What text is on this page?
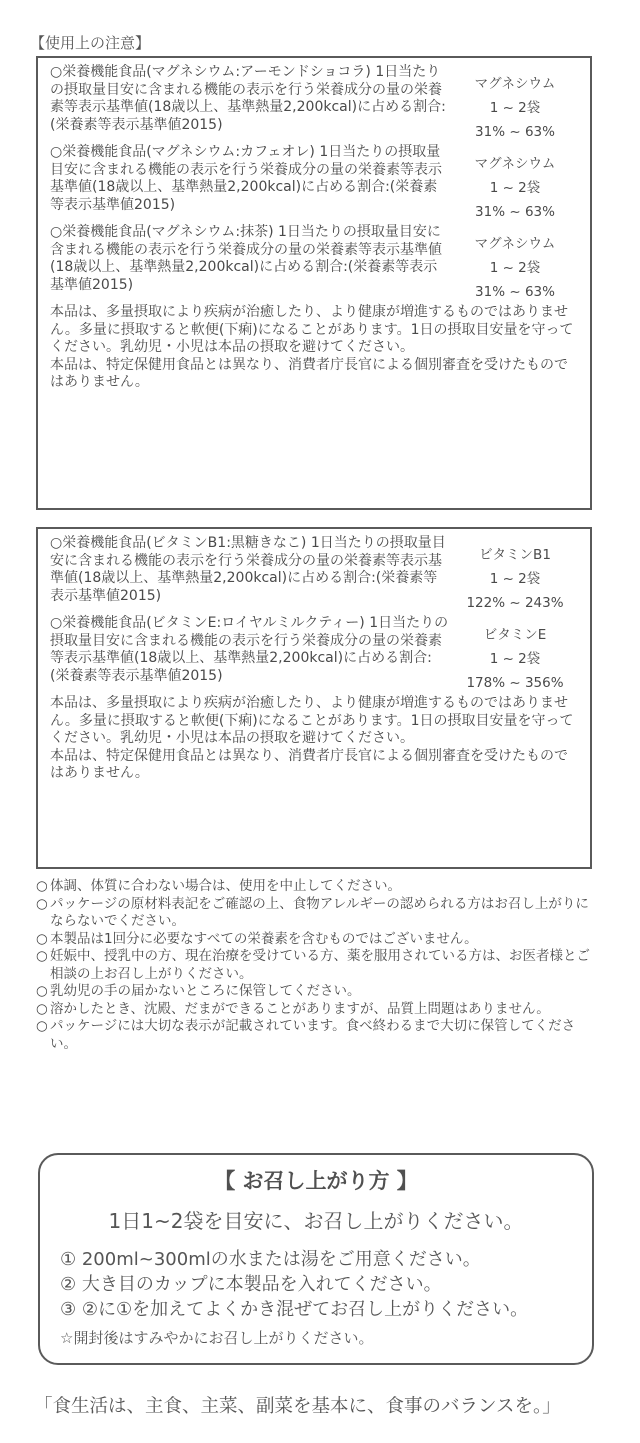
【使用上の注意】
○栄養機能食品(マグネシウム:アーモンドショコラ) 1日当たりの摂取量目安に含まれる機能の表示を行う栄養成分の量の栄養素等表示基準値(18歳以上、基準熱量2,200kcal)に占める割合:(栄養素等表示基準値2015)
マグネシウム
1 ~ 2袋
31% ~ 63%
○栄養機能食品(マグネシウム:カフェオレ) 1日当たりの摂取量目安に含まれる機能の表示を行う栄養成分の量の栄養素等表示基準値(18歳以上、基準熱量2,200kcal)に占める割合:(栄養素等表示基準値2015)
マグネシウム
1 ~ 2袋
31% ~ 63%
○栄養機能食品(マグネシウム:抹茶) 1日当たりの摂取量目安に含まれる機能の表示を行う栄養成分の量の栄養素等表示基準値(18歳以上、基準熱量2,200kcal)に占める割合:(栄養素等表示基準値2015)
マグネシウム
1 ~ 2袋
31% ~ 63%
本品は、多量摂取により疾病が治癒したり、より健康が増進するものではありません。多量に摂取すると軟便(下痢)になることがあります。1日の摂取目安量を守ってください。乳幼児・小児は本品の摂取を避けてください。
本品は、特定保健用食品とは異なり、消費者庁長官による個別審査を受けたものではありません。
○栄養機能食品(ビタミンB1:黒糖きなこ) 1日当たりの摂取量目安に含まれる機能の表示を行う栄養成分の量の栄養素等表示基準値(18歳以上、基準熱量2,200kcal)に占める割合:(栄養素等表示基準値2015)
ビタミンB1
1 ~ 2袋
122% ~ 243%
○栄養機能食品(ビタミンE:ロイヤルミルクティー) 1日当たりの摂取量目安に含まれる機能の表示を行う栄養成分の量の栄養素等表示基準値(18歳以上、基準熱量2,200kcal)に占める割合:(栄養素等表示基準値2015)
ビタミンE
1 ~ 2袋
178% ~ 356%
本品は、多量摂取により疾病が治癒したり、より健康が増進するものではありません。多量に摂取すると軟便(下痢)になることがあります。1日の摂取目安量を守ってください。乳幼児・小児は本品の摂取を避けてください。
本品は、特定保健用食品とは異なり、消費者庁長官による個別審査を受けたものではありません。
○ 体調、体質に合わない場合は、使用を中止してください。
○ パッケージの原材料表記をご確認の上、食物アレルギーの認められる方はお召し上がりにならないでください。
○ 本製品は1回分に必要なすべての栄養素を含むものではございません。
○ 妊娠中、授乳中の方、現在治療を受けている方、薬を服用されている方は、お医者様とご相談の上お召し上がりください。
○ 乳幼児の手の届かないところに保管してください。
○ 溶かしたとき、沈殿、だまができることがありますが、品質上問題はありません。
○ パッケージには大切な表示が記載されています。食べ終わるまで大切に保管してください。
【 お召し上がり方 】
1日1~2袋を目安に、お召し上がりください。
① 200ml~300mlの水または湯をご用意ください。
② 大き目のカップに本製品を入れてください。
③ ②に①を加えてよくかき混ぜてお召し上がりください。
☆開封後はすみやかにお召し上がりください。
「食生活は、主食、主菜、副菜を基本に、食事のバランスを。」
